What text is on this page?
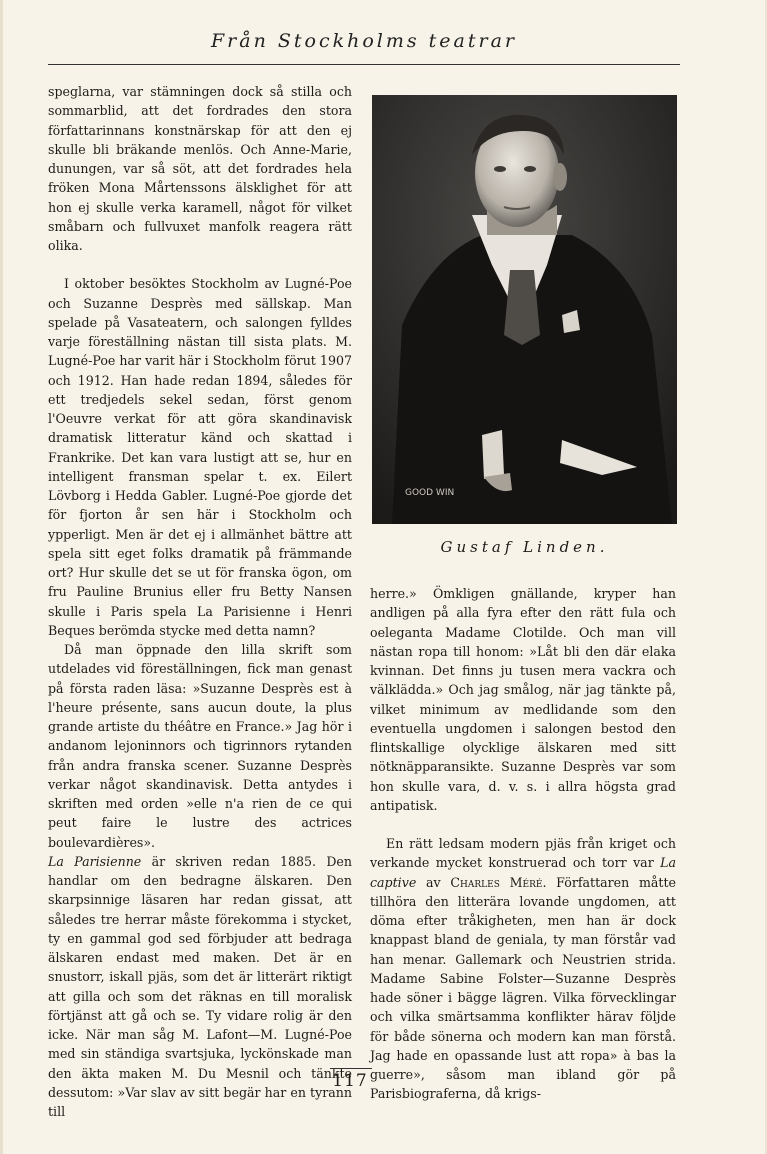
Från Stockholms teatrar

speglarna, var stämningen dock så stilla och sommarblid, att det fordrades den stora författarinnans konstnärskap för att den ej skulle bli bräkande menlös. Och Anne-Marie, dunungen, var så söt, att det fordrades hela fröken Mona Mårtenssons älsklighet för att hon ej skulle verka karamell, något för vilket småbarn och fullvuxet manfolk reagera rätt olika.

I oktober besöktes Stockholm av Lugné-Poe och Suzanne Desprès med sällskap. Man spelade på Vasateatern, och salongen fylldes varje föreställning nästan till sista plats. M. Lugné-Poe har varit här i Stockholm förut 1907 och 1912. Han hade redan 1894, således för ett tredjedels sekel sedan, först genom l'Oeuvre verkat för att göra skandinavisk dramatisk litteratur känd och skattad i Frankrike. Det kan vara lustigt att se, hur en intelligent fransman spelar t. ex. Eilert Lövborg i Hedda Gabler. Lugné-Poe gjorde det för fjorton år sen här i Stockholm och ypperligt. Men är det ej i allmänhet bättre att spela sitt eget folks dramatik på främmande ort? Hur skulle det se ut för franska ögon, om fru Pauline Brunius eller fru Betty Nansen skulle i Paris spela La Parisienne i Henri Beques berömda stycke med detta namn?

Då man öppnade den lilla skrift som utdelades vid föreställningen, fick man genast på första raden läsa: »Suzanne Desprès est à l'heure présente, sans aucun doute, la plus grande artiste du théâtre en France.» Jag hör i andanom lejoninnors och tigrinnors rytanden från andra franska scener. Suzanne Desprès verkar något skandinavisk. Detta antydes i skriften med orden »elle n'a rien de ce qui peut faire le lustre des actrices boulevardières».

La Parisienne är skriven redan 1885. Den handlar om den bedragne älskaren. Den skarpsinnige läsaren har redan gissat, att således tre herrar måste förekomma i stycket, ty en gammal god sed förbjuder att bedraga älskaren endast med maken. Det är en snustorr, iskall pjäs, som det är litterärt riktigt att gilla och som det räknas en till moralisk förtjänst att gå och se. Ty vidare rolig är den icke. När man såg M. Lafont—M. Lugné-Poe med sin ständiga svartsjuka, lyckönskade man den äkta maken M. Du Mesnil och tänkte dessutom: »Var slav av sitt begär har en tyrann till

GOOD WIN
Gustaf Linden.

herre.» Ömkligen gnällande, kryper han andligen på alla fyra efter den rätt fula och oeleganta Madame Clotilde. Och man vill nästan ropa till honom: »Låt bli den där elaka kvinnan. Det finns ju tusen mera vackra och välklädda.» Och jag smålog, när jag tänkte på, vilket minimum av medlidande som den eventuella ungdomen i salongen bestod den flintskallige olycklige älskaren med sitt nötknäpparansikte. Suzanne Desprès var som hon skulle vara, d. v. s. i allra högsta grad antipatisk.

En rätt ledsam modern pjäs från kriget och verkande mycket konstruerad och torr var La captive av Charles Méré. Författaren måtte tillhöra den litterära lovande ungdomen, att döma efter tråkigheten, men han är dock knappast bland de geniala, ty man förstår vad han menar. Gallemark och Neustrien strida. Madame Sabine Folster—Suzanne Desprès hade söner i bägge lägren. Vilka förvecklingar och vilka smärtsamma konflikter härav följde för både sönerna och modern kan man förstå. Jag hade en opassande lust att ropa» à bas la guerre», såsom man ibland gör på Parisbiograferna, då krigs-

117
